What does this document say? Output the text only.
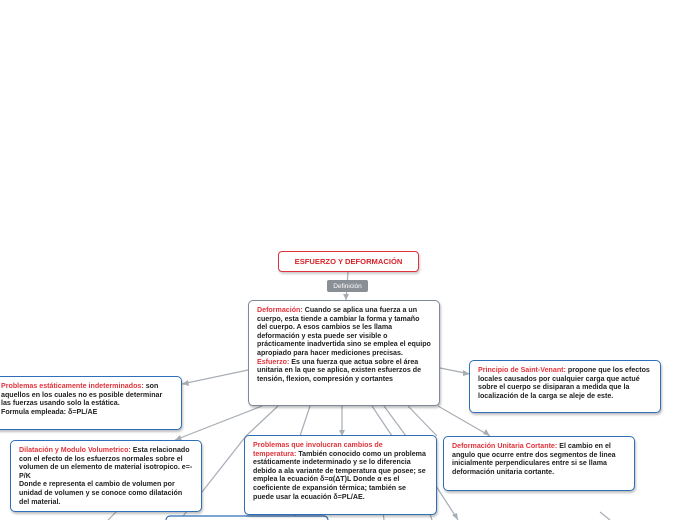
ESFUERZO Y DEFORMACIÓN
Definición
Deformación: Cuando se aplica una fuerza a un cuerpo, esta tiende a cambiar la forma y tamaño del cuerpo. A esos cambios se les llama deformación y esta puede ser visible o prácticamente inadvertida sino se emplea el equipo apropiado para hacer mediciones precisas.
Esfuerzo: Es una fuerza que actua sobre el área unitaria en la que se aplica, existen esfuerzos de tensión, flexion, compresión y cortantes
Problemas estáticamente indeterminados: son aquellos en los cuales no es posible determinar las fuerzas usando solo la estática.
Formula empleada: δ=PL/AE
Dilatación y Modulo Volumetrico: Esta relacionado con el efecto de los esfuerzos normales sobre el volumen de un elemento de material isotropico. e=-P/K
Donde e representa el cambio de volumen por unidad de volumen y se conoce como dilatación del material.
Problemas que involucran cambios de temperatura: También conocido como un problema estáticamente indeterminado y se lo diferencia debido a ala variante de temperatura que posee; se emplea la ecuación δ=α(ΔT)L Donde α es el coeficiente de expansión térmica; también se puede usar la ecuación δ=PL/AE.
Principio de Saint-Venant: propone que los efectos locales causados por cualquier carga que actué sobre el cuerpo se disiparan a medida que la localización de la carga se aleje de este.
Deformación Unitaria Cortante: El cambio en el angulo que ocurre entre dos segmentos de linea inicialmente perpendiculares entre si se llama deformación unitaria cortante.
